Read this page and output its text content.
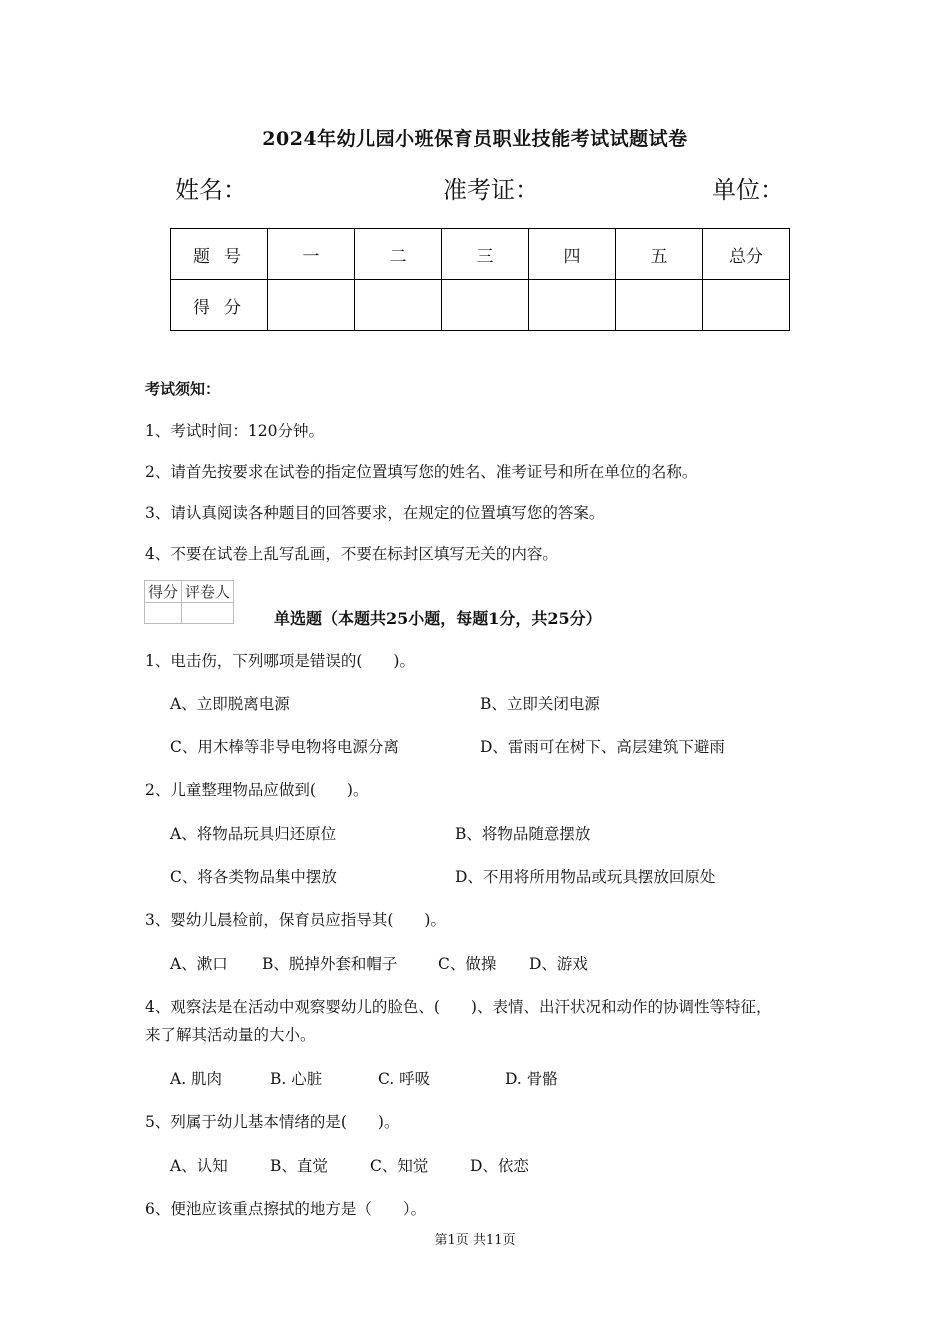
2024年幼儿园小班保育员职业技能考试试题试卷
姓名：	准考证：	单位：
题号	一	二	三	四	五	总分
得分						
考试须知：
1、考试时间：120分钟。
2、请首先按要求在试卷的指定位置填写您的姓名、准考证号和所在单位的名称。
3、请认真阅读各种题目的回答要求，在规定的位置填写您的答案。
4、不要在试卷上乱写乱画，不要在标封区填写无关的内容。
得分	评卷人

单选题（本题共25小题，每题1分，共25分）
1、电击伤，下列哪项是错误的(　　)。
A、立即脱离电源	B、立即关闭电源
C、用木棒等非导电物将电源分离	D、雷雨可在树下、高层建筑下避雨
2、儿童整理物品应做到(　　)。
A、将物品玩具归还原位	B、将物品随意摆放
C、将各类物品集中摆放	D、不用将所用物品或玩具摆放回原处
3、婴幼儿晨检前，保育员应指导其(　　)。
A、漱口 B、脱掉外套和帽子	C、做操 D、游戏
4、观察法是在活动中观察婴幼儿的脸色、(　　)、表情、出汗状况和动作的协调性等特征，
来了解其活动量的大小。
A. 肌肉	B. 心脏	C. 呼吸	D. 骨骼
5、列属于幼儿基本情绪的是(　　)。
A、认知	B、直觉	C、知觉	D、依恋
6、便池应该重点擦拭的地方是（　　）。
第1页 共11页
